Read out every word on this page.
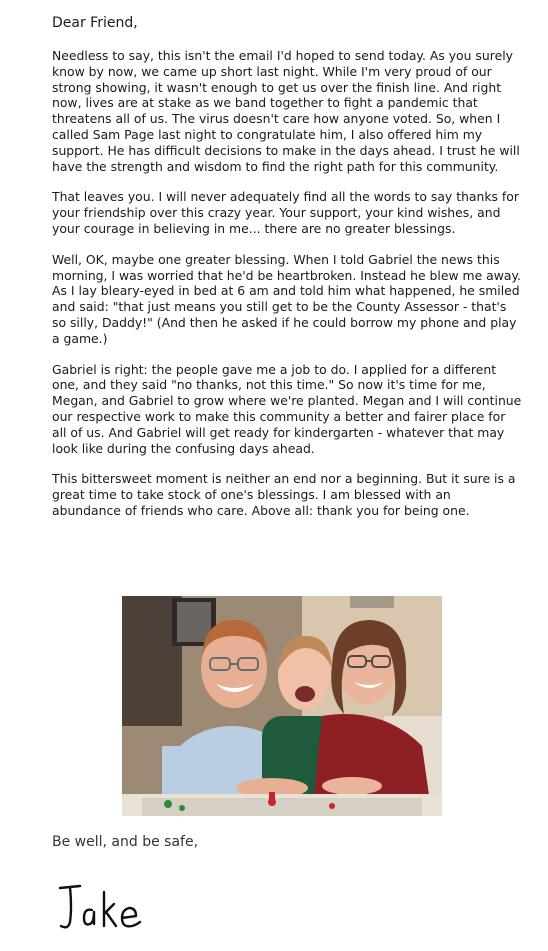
Dear Friend,

Needless to say, this isn't the email I'd hoped to send today. As you surely know by now, we came up short last night. While I'm very proud of our strong showing, it wasn't enough to get us over the finish line. And right now, lives are at stake as we band together to fight a pandemic that threatens all of us. The virus doesn't care how anyone voted. So, when I called Sam Page last night to congratulate him, I also offered him my support. He has difficult decisions to make in the days ahead. I trust he will have the strength and wisdom to find the right path for this community.

That leaves you. I will never adequately find all the words to say thanks for your friendship over this crazy year. Your support, your kind wishes, and your courage in believing in me... there are no greater blessings.

Well, OK, maybe one greater blessing. When I told Gabriel the news this morning, I was worried that he'd be heartbroken. Instead he blew me away. As I lay bleary-eyed in bed at 6 am and told him what happened, he smiled and said: "that just means you still get to be the County Assessor - that's so silly, Daddy!" (And then he asked if he could borrow my phone and play a game.)

Gabriel is right: the people gave me a job to do. I applied for a different one, and they said "no thanks, not this time." So now it's time for me, Megan, and Gabriel to grow where we're planted. Megan and I will continue our respective work to make this community a better and fairer place for all of us. And Gabriel will get ready for kindergarten - whatever that may look like during the confusing days ahead.

This bittersweet moment is neither an end nor a beginning. But it sure is a great time to take stock of one's blessings. I am blessed with an abundance of friends who care. Above all: thank you for being one.

Be well, and be safe,
